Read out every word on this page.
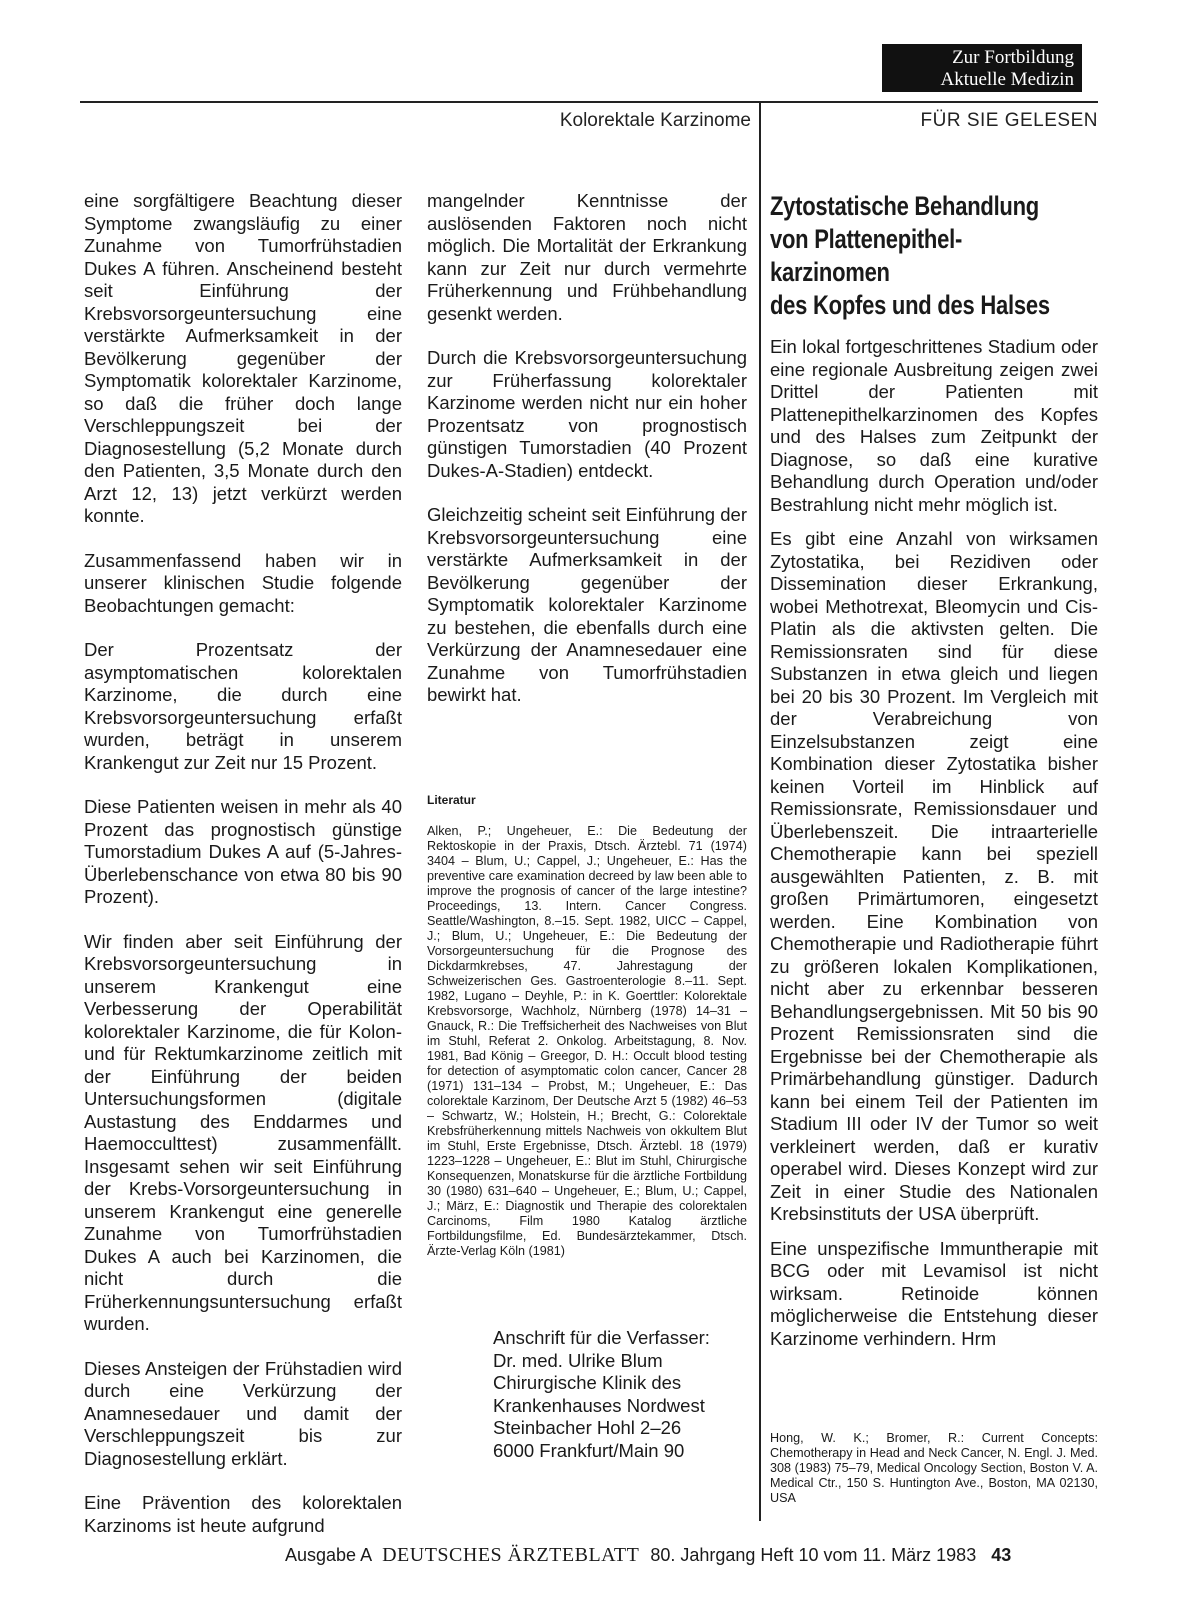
Zur Fortbildung
Aktuelle Medizin
Kolorektale Karzinome	FÜR SIE GELESEN

eine sorgfältigere Beachtung dieser Symptome zwangsläufig zu einer Zunahme von Tumorfrühstadien Dukes A führen. Anscheinend besteht seit Einführung der Krebsvorsorgeuntersuchung eine verstärkte Aufmerksamkeit in der Bevölkerung gegenüber der Symptomatik kolorektaler Karzinome, so daß die früher doch lange Verschleppungszeit bei der Diagnosestellung (5,2 Monate durch den Patienten, 3,5 Monate durch den Arzt 12, 13) jetzt verkürzt werden konnte.

Zusammenfassend haben wir in unserer klinischen Studie folgende Beobachtungen gemacht:

Der Prozentsatz der asymptomatischen kolorektalen Karzinome, die durch eine Krebsvorsorgeuntersuchung erfaßt wurden, beträgt in unserem Krankengut zur Zeit nur 15 Prozent.

Diese Patienten weisen in mehr als 40 Prozent das prognostisch günstige Tumorstadium Dukes A auf (5-Jahres-Überlebenschance von etwa 80 bis 90 Prozent).

Wir finden aber seit Einführung der Krebsvorsorgeuntersuchung in unserem Krankengut eine Verbesserung der Operabilität kolorektaler Karzinome, die für Kolon- und für Rektumkarzinome zeitlich mit der Einführung der beiden Untersuchungsformen (digitale Austastung des Enddarmes und Haemocculttest) zusammenfällt. Insgesamt sehen wir seit Einführung der Krebs-Vorsorgeuntersuchung in unserem Krankengut eine generelle Zunahme von Tumorfrühstadien Dukes A auch bei Karzinomen, die nicht durch die Früherkennungsuntersuchung erfaßt wurden.

Dieses Ansteigen der Frühstadien wird durch eine Verkürzung der Anamnesedauer und damit der Verschleppungszeit bis zur Diagnosestellung erklärt.

Eine Prävention des kolorektalen Karzinoms ist heute aufgrund

mangelnder Kenntnisse der auslösenden Faktoren noch nicht möglich. Die Mortalität der Erkrankung kann zur Zeit nur durch vermehrte Früherkennung und Frühbehandlung gesenkt werden.

Durch die Krebsvorsorgeuntersuchung zur Früherfassung kolorektaler Karzinome werden nicht nur ein hoher Prozentsatz von prognostisch günstigen Tumorstadien (40 Prozent Dukes-A-Stadien) entdeckt.

Gleichzeitig scheint seit Einführung der Krebsvorsorgeuntersuchung eine verstärkte Aufmerksamkeit in der Bevölkerung gegenüber der Symptomatik kolorektaler Karzinome zu bestehen, die ebenfalls durch eine Verkürzung der Anamnesedauer eine Zunahme von Tumorfrühstadien bewirkt hat.

Literatur
Alken, P.; Ungeheuer, E.: Die Bedeutung der Rektoskopie in der Praxis, Dtsch. Ärztebl. 71 (1974) 3404 – Blum, U.; Cappel, J.; Ungeheuer, E.: Has the preventive care examination decreed by law been able to improve the prognosis of cancer of the large intestine? Proceedings, 13. Intern. Cancer Congress. Seattle/Washington, 8.–15. Sept. 1982, UICC – Cappel, J.; Blum, U.; Ungeheuer, E.: Die Bedeutung der Vorsorgeuntersuchung für die Prognose des Dickdarmkrebses, 47. Jahrestagung der Schweizerischen Ges. Gastroenterologie 8.–11. Sept. 1982, Lugano – Deyhle, P.: in K. Goerttler: Kolorektale Krebsvorsorge, Wachholz, Nürnberg (1978) 14–31 – Gnauck, R.: Die Treffsicherheit des Nachweises von Blut im Stuhl, Referat 2. Onkolog. Arbeitstagung, 8. Nov. 1981, Bad König – Greegor, D. H.: Occult blood testing for detection of asymptomatic colon cancer, Cancer 28 (1971) 131–134 – Probst, M.; Ungeheuer, E.: Das colorektale Karzinom, Der Deutsche Arzt 5 (1982) 46–53 – Schwartz, W.; Holstein, H.; Brecht, G.: Colorektale Krebsfrüherkennung mittels Nachweis von okkultem Blut im Stuhl, Erste Ergebnisse, Dtsch. Ärztebl. 18 (1979) 1223–1228 – Ungeheuer, E.: Blut im Stuhl, Chirurgische Konsequenzen, Monatskurse für die ärztliche Fortbildung 30 (1980) 631–640 – Ungeheuer, E.; Blum, U.; Cappel, J.; März, E.: Diagnostik und Therapie des colorektalen Carcinoms, Film 1980 Katalog ärztliche Fortbildungsfilme, Ed. Bundesärztekammer, Dtsch. Ärzte-Verlag Köln (1981)
Anschrift für die Verfasser:
Dr. med. Ulrike Blum
Chirurgische Klinik des
Krankenhauses Nordwest
Steinbacher Hohl 2–26
6000 Frankfurt/Main 90
Zytostatische Behandlung
von Plattenepithel-
karzinomen
des Kopfes und des Halses

Ein lokal fortgeschrittenes Stadium oder eine regionale Ausbreitung zeigen zwei Drittel der Patienten mit Plattenepithelkarzinomen des Kopfes und des Halses zum Zeitpunkt der Diagnose, so daß eine kurative Behandlung durch Operation und/oder Bestrahlung nicht mehr möglich ist.

Es gibt eine Anzahl von wirksamen Zytostatika, bei Rezidiven oder Dissemination dieser Erkrankung, wobei Methotrexat, Bleomycin und Cis-Platin als die aktivsten gelten. Die Remissionsraten sind für diese Substanzen in etwa gleich und liegen bei 20 bis 30 Prozent. Im Vergleich mit der Verabreichung von Einzelsubstanzen zeigt eine Kombination dieser Zytostatika bisher keinen Vorteil im Hinblick auf Remissionsrate, Remissionsdauer und Überlebenszeit. Die intraarterielle Chemotherapie kann bei speziell ausgewählten Patienten, z. B. mit großen Primärtumoren, eingesetzt werden. Eine Kombination von Chemotherapie und Radiotherapie führt zu größeren lokalen Komplikationen, nicht aber zu erkennbar besseren Behandlungsergebnissen. Mit 50 bis 90 Prozent Remissionsraten sind die Ergebnisse bei der Chemotherapie als Primärbehandlung günstiger. Dadurch kann bei einem Teil der Patienten im Stadium III oder IV der Tumor so weit verkleinert werden, daß er kurativ operabel wird. Dieses Konzept wird zur Zeit in einer Studie des Nationalen Krebsinstituts der USA überprüft.

Eine unspezifische Immuntherapie mit BCG oder mit Levamisol ist nicht wirksam. Retinoide können möglicherweise die Entstehung dieser Karzinome verhindern. Hrm

Hong, W. K.; Bromer, R.: Current Concepts: Chemotherapy in Head and Neck Cancer, N. Engl. J. Med. 308 (1983) 75–79, Medical Oncology Section, Boston V. A. Medical Ctr., 150 S. Huntington Ave., Boston, MA 02130, USA
Ausgabe A DEUTSCHES ÄRZTEBLATT 80. Jahrgang Heft 10 vom 11. März 1983 43
